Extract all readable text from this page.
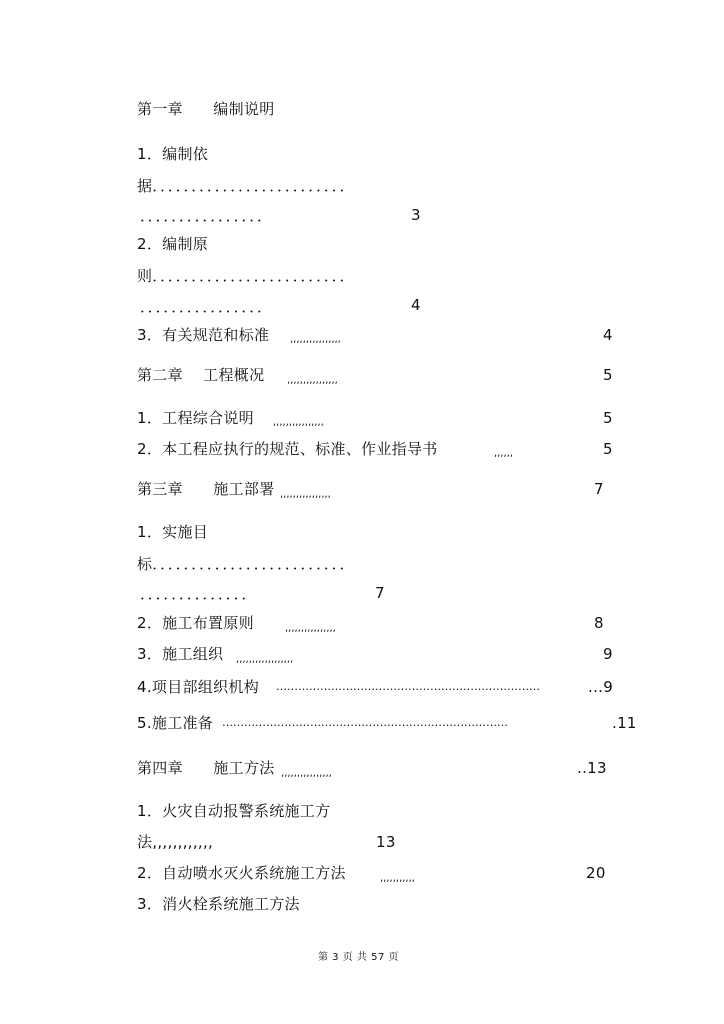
第一章      编制说明
1．编制依
据．．．．．．．．．．．．．．．．．．．．．．．．．
．．．．．．．．．．．．．．．．	3
2．编制原
则．．．．．．．．．．．．．．．．．．．．．．．．．
．．．．．．．．．．．．．．．．	4
3．有关规范和标准 ,,,,,,,,,,,,,,,,	4
第二章    工程概况 ,,,,,,,,,,,,,,,,	5
1．工程综合说明 ,,,,,,,,,,,,,,,,	5
2．本工程应执行的规范、标准、作业指导书	,,,,,,	5
第三章      施工部署 ,,,,,,,,,,,,,,,,	7
1．实施目
标．．．．．．．．．．．．．．．．．．．．．．．．．
．．．．．．．．．．．．．．	7
2．施工布置原则	,,,,,,,,,,,,,,,,	8
3．施工组织 ,,,,,,,,,,,,,,,,,,	9
4.项目部组织机构 ………………………………………………………………	...9
5.施工准备 ……………………………………………………………………	.11
第四章      施工方法 ,,,,,,,,,,,,,,,,	..13
1．火灾自动报警系统施工方
法,,,,,,,,,,,,	13
2．自动喷水灭火系统施工方法	,,,,,,,,,,,	20
3．消火栓系统施工方法
第 3 页 共 57 页
